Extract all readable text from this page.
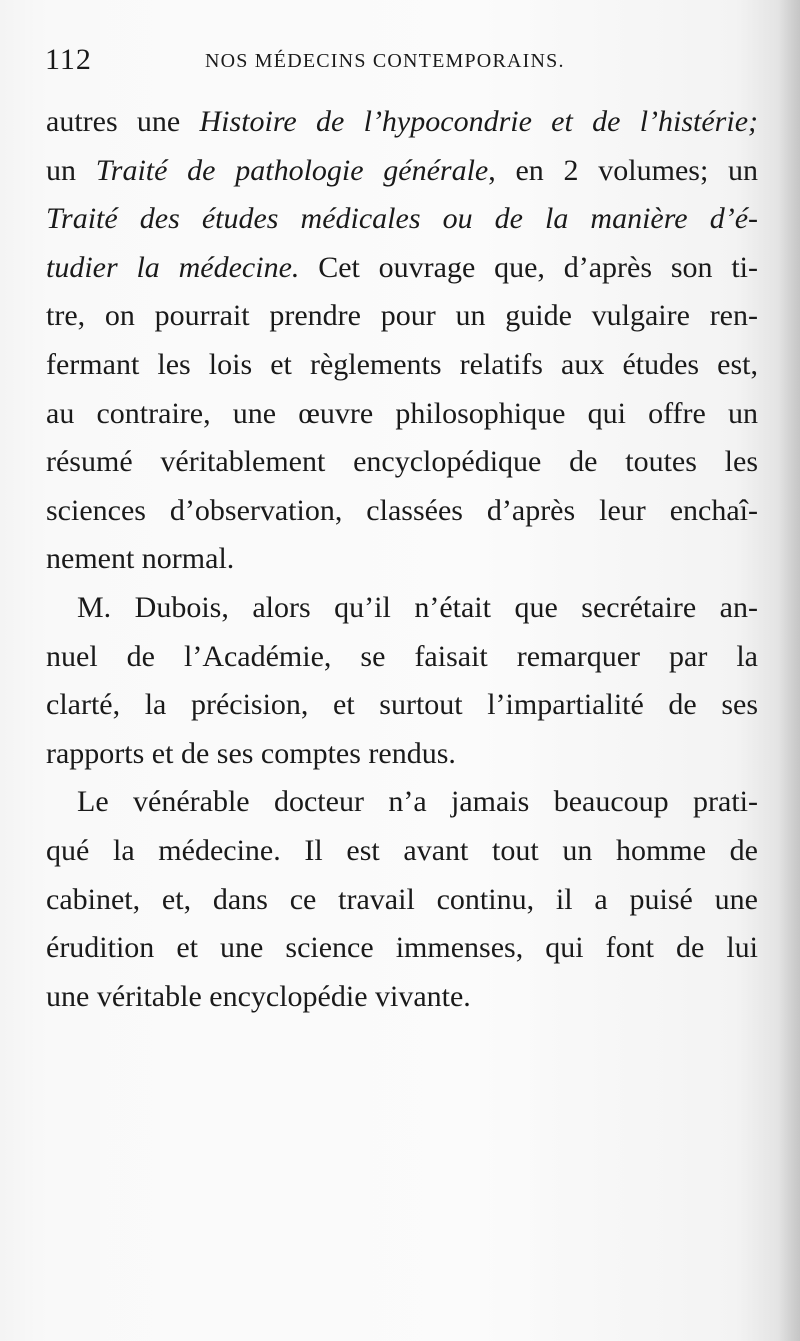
112	NOS MÉDECINS CONTEMPORAINS.
autres une Histoire de l’hypocondrie et de l’histérie;
un Traité de pathologie générale, en 2 volumes; un
Traité des études médicales ou de la manière d’é-
tudier la médecine. Cet ouvrage que, d’après son ti-
tre, on pourrait prendre pour un guide vulgaire ren-
fermant les lois et règlements relatifs aux études est,
au contraire, une œuvre philosophique qui offre un
résumé véritablement encyclopédique de toutes les
sciences d’observation, classées d’après leur enchaî-
nement normal.
M. Dubois, alors qu’il n’était que secrétaire an-
nuel de l’Académie, se faisait remarquer par la
clarté, la précision, et surtout l’impartialité de ses
rapports et de ses comptes rendus.
Le vénérable docteur n’a jamais beaucoup prati-
qué la médecine. Il est avant tout un homme de
cabinet, et, dans ce travail continu, il a puisé une
érudition et une science immenses, qui font de lui
une véritable encyclopédie vivante.
